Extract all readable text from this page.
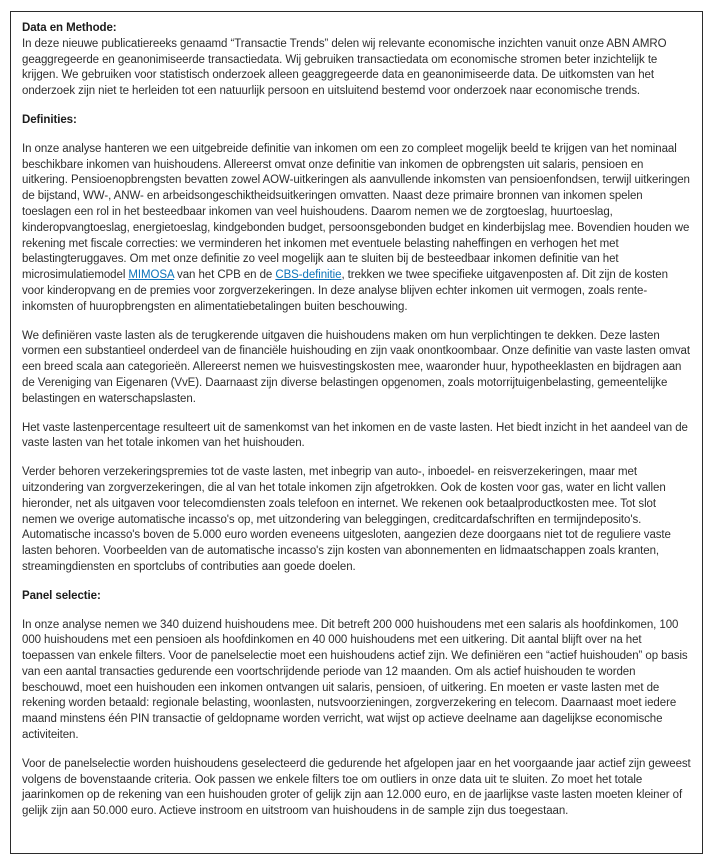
Data en Methode:

In deze nieuwe publicatiereeks genaamd “Transactie Trends” delen wij relevante economische inzichten vanuit onze ABN AMRO geaggregeerde en geanonimiseerde transactiedata. Wij gebruiken transactiedata om economische stromen beter inzichtelijk te krijgen. We gebruiken voor statistisch onderzoek alleen geaggregeerde data en geanonimiseerde data. De uitkomsten van het onderzoek zijn niet te herleiden tot een natuurlijk persoon en uitsluitend bestemd voor onderzoek naar economische trends.

Definities:

In onze analyse hanteren we een uitgebreide definitie van inkomen om een zo compleet mogelijk beeld te krijgen van het nominaal beschikbare inkomen van huishoudens. Allereerst omvat onze definitie van inkomen de opbrengsten uit salaris, pensioen en uitkering. Pensioenopbrengsten bevatten zowel AOW-uitkeringen als aanvullende inkomsten van pensioenfondsen, terwijl uitkeringen de bijstand, WW-, ANW- en arbeidsongeschiktheidsuitkeringen omvatten. Naast deze primaire bronnen van inkomen spelen toeslagen een rol in het besteedbaar inkomen van veel huishoudens. Daarom nemen we de zorgtoeslag, huurtoeslag, kinderopvangtoeslag, energietoeslag, kindgebonden budget, persoonsgebonden budget en kinderbijslag mee. Bovendien houden we rekening met fiscale correcties: we verminderen het inkomen met eventuele belasting naheffingen en verhogen het met belastingteruggaves. Om met onze definitie zo veel mogelijk aan te sluiten bij de besteedbaar inkomen definitie van het microsimulatiemodel MIMOSA van het CPB en de CBS-definitie, trekken we twee specifieke uitgavenposten af. Dit zijn de kosten voor kinderopvang en de premies voor zorgverzekeringen. In deze analyse blijven echter inkomen uit vermogen, zoals rente-inkomsten of huuropbrengsten en alimentatiebetalingen buiten beschouwing.

We definiëren vaste lasten als de terugkerende uitgaven die huishoudens maken om hun verplichtingen te dekken. Deze lasten vormen een substantieel onderdeel van de financiële huishouding en zijn vaak onontkoombaar. Onze definitie van vaste lasten omvat een breed scala aan categorieën. Allereerst nemen we huisvestingskosten mee, waaronder huur, hypotheeklasten en bijdragen aan de Vereniging van Eigenaren (VvE). Daarnaast zijn diverse belastingen opgenomen, zoals motorrijtuigenbelasting, gemeentelijke belastingen en waterschapslasten.

Het vaste lastenpercentage resulteert uit de samenkomst van het inkomen en de vaste lasten. Het biedt inzicht in het aandeel van de vaste lasten van het totale inkomen van het huishouden.

Verder behoren verzekeringspremies tot de vaste lasten, met inbegrip van auto-, inboedel- en reisverzekeringen, maar met uitzondering van zorgverzekeringen, die al van het totale inkomen zijn afgetrokken. Ook de kosten voor gas, water en licht vallen hieronder, net als uitgaven voor telecomdiensten zoals telefoon en internet. We rekenen ook betaalproductkosten mee. Tot slot nemen we overige automatische incasso's op, met uitzondering van beleggingen, creditcardafschriften en termijndeposito's. Automatische incasso's boven de 5.000 euro worden eveneens uitgesloten, aangezien deze doorgaans niet tot de reguliere vaste lasten behoren. Voorbeelden van de automatische incasso's zijn kosten van abonnementen en lidmaatschappen zoals kranten, streamingdiensten en sportclubs of contributies aan goede doelen.

Panel selectie:

In onze analyse nemen we 340 duizend huishoudens mee. Dit betreft 200 000 huishoudens met een salaris als hoofdinkomen, 100 000 huishoudens met een pensioen als hoofdinkomen en 40 000 huishoudens met een uitkering. Dit aantal blijft over na het toepassen van enkele filters. Voor de panelselectie moet een huishoudens actief zijn. We definiëren een “actief huishouden” op basis van een aantal transacties gedurende een voortschrijdende periode van 12 maanden. Om als actief huishouden te worden beschouwd, moet een huishouden een inkomen ontvangen uit salaris, pensioen, of uitkering. En moeten er vaste lasten met de rekening worden betaald: regionale belasting, woonlasten, nutsvoorzieningen, zorgverzekering en telecom. Daarnaast moet iedere maand minstens één PIN transactie of geldopname worden verricht, wat wijst op actieve deelname aan dagelijkse economische activiteiten.

Voor de panelselectie worden huishoudens geselecteerd die gedurende het afgelopen jaar en het voorgaande jaar actief zijn geweest volgens de bovenstaande criteria. Ook passen we enkele filters toe om outliers in onze data uit te sluiten. Zo moet het totale jaarinkomen op de rekening van een huishouden groter of gelijk zijn aan 12.000 euro, en de jaarlijkse vaste lasten moeten kleiner of gelijk zijn aan 50.000 euro. Actieve instroom en uitstroom van huishoudens in de sample zijn dus toegestaan.
